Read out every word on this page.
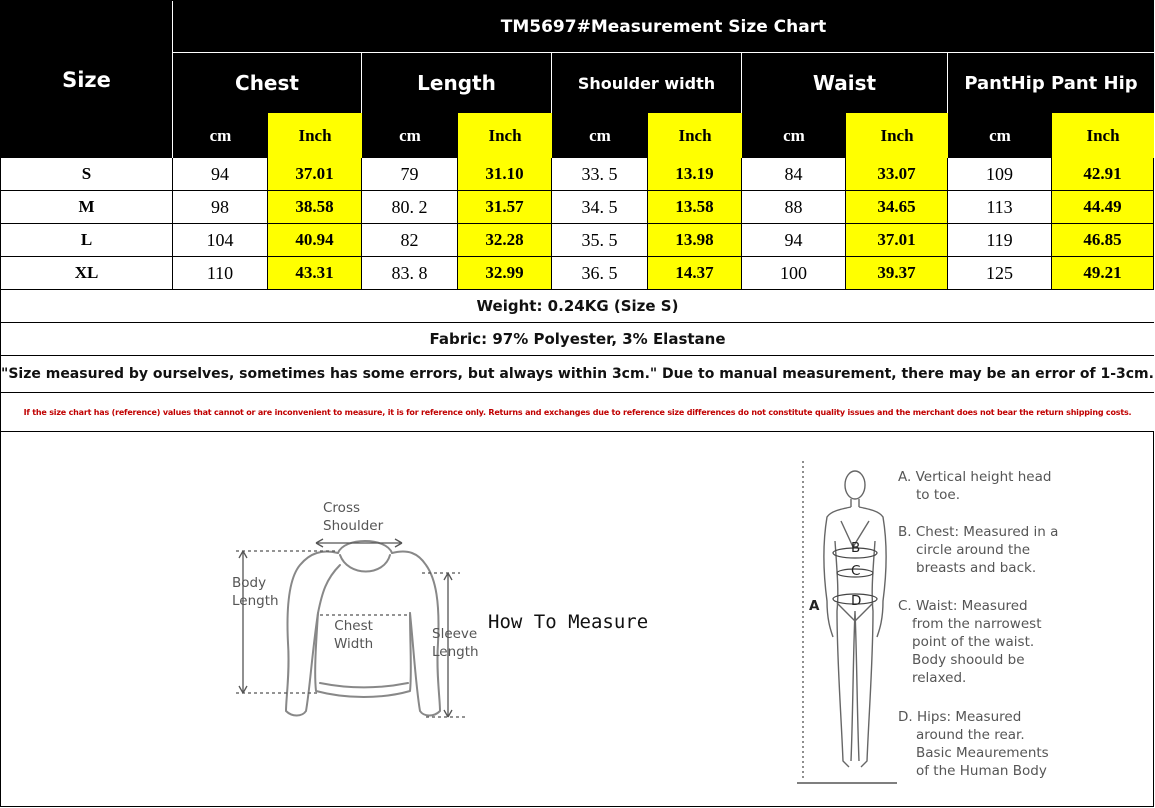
Size
TM5697#Measurement Size Chart
Chest	Length	Shoulder width	Waist	PantHip Pant Hip
cm	Inch	cm	Inch	cm	Inch	cm	Inch	cm	Inch
S	94	37.01	79	31.10	33. 5	13.19	84	33.07	109	42.91
M	98	38.58	80. 2	31.57	34. 5	13.58	88	34.65	113	44.49
L	104	40.94	82	32.28	35. 5	13.98	94	37.01	119	46.85
XL	110	43.31	83. 8	32.99	36. 5	14.37	100	39.37	125	49.21
Weight: 0.24KG (Size S)
Fabric: 97% Polyester, 3% Elastane
"Size measured by ourselves, sometimes has some errors, but always within 3cm." Due to manual measurement, there may be an error of 1-3cm.
If the size chart has (reference) values that cannot or are inconvenient to measure, it is for reference only. Returns and exchanges due to reference size differences do not constitute quality issues and the merchant does not bear the return shipping costs.
Cross
Shoulder
Body
Length
Chest
Width
Sleeve
Length
How To Measure
A
B
C
D
A. Vertical height head
to toe.
B. Chest: Measured in a
circle around the
breasts and back.
C. Waist: Measured
from the narrowest
point of the waist.
Body shoould be
relaxed.
D. Hips: Measured
around the rear.
Basic Meaurements
of the Human Body
